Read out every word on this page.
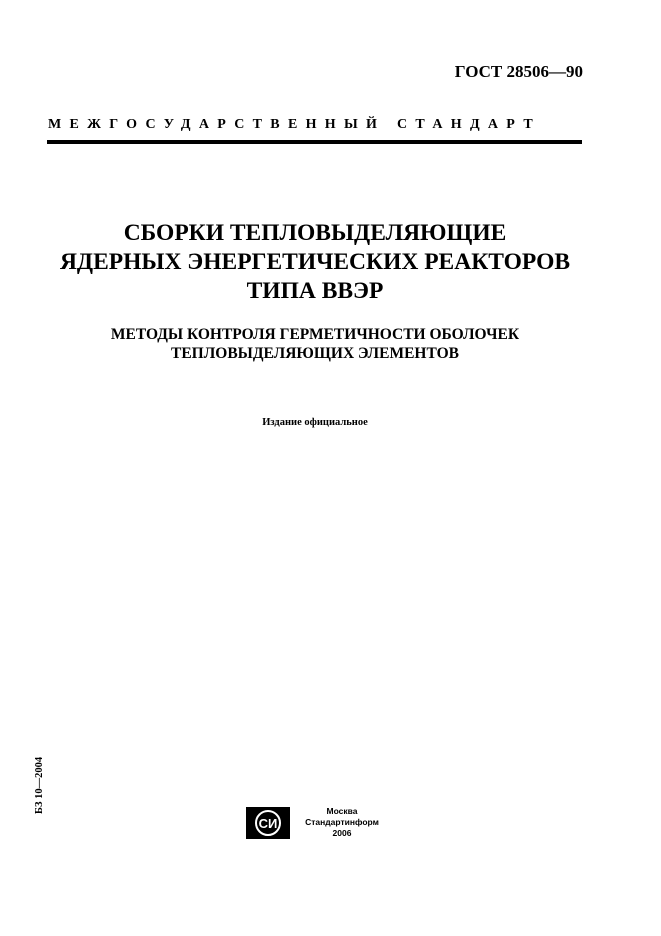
ГОСТ 28506—90
МЕЖГОСУДАРСТВЕННЫЙ СТАНДАРТ
СБОРКИ ТЕПЛОВЫДЕЛЯЮЩИЕ
ЯДЕРНЫХ ЭНЕРГЕТИЧЕСКИХ РЕАКТОРОВ
ТИПА ВВЭР
МЕТОДЫ КОНТРОЛЯ ГЕРМЕТИЧНОСТИ ОБОЛОЧЕК
ТЕПЛОВЫДЕЛЯЮЩИХ ЭЛЕМЕНТОВ
Издание официальное
БЗ 10—2004
СИ
Москва
Стандартинформ
2006
